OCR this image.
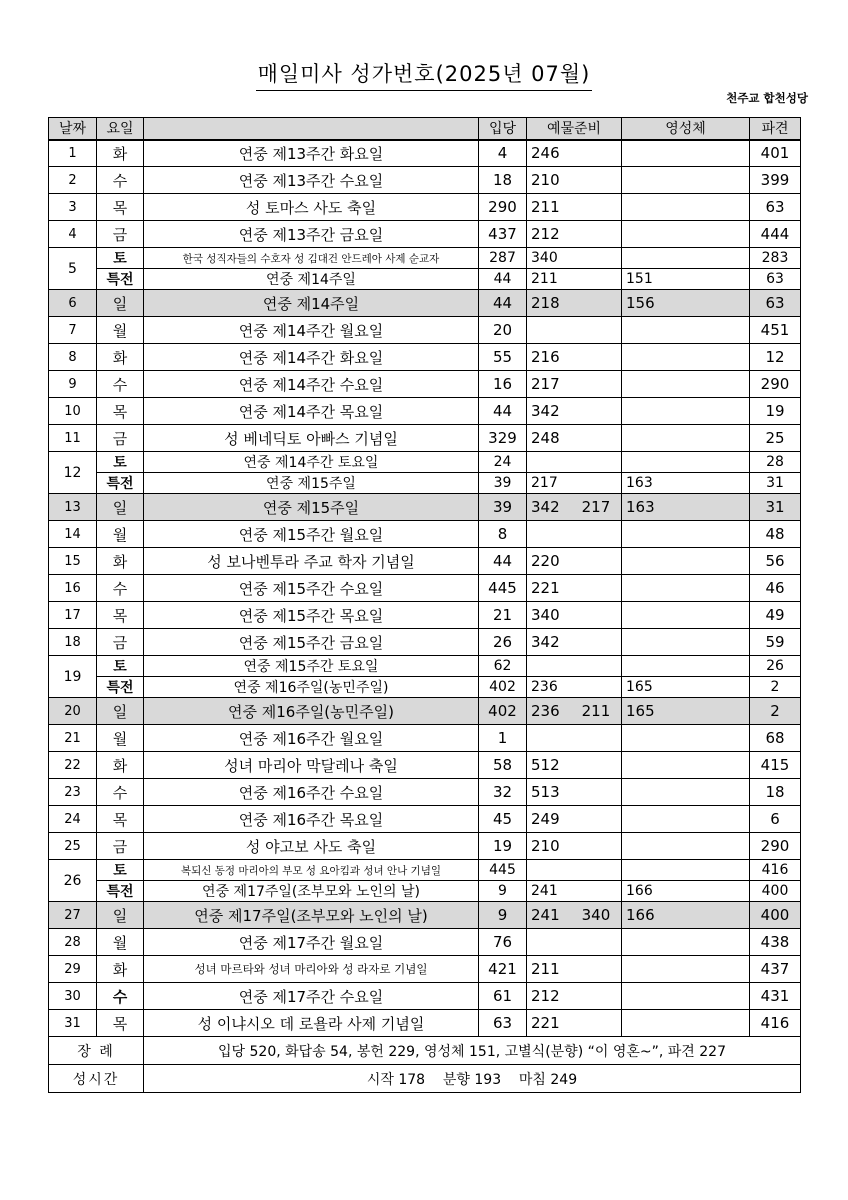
매일미사 성가번호(2025년 07월)
천주교 합천성당
날짜	요일		입당	예물준비	영성체	파견
1	화	연중 제13주간 화요일	4	246		401
2	수	연중 제13주간 수요일	18	210		399
3	목	성 토마스 사도 축일	290	211		63
4	금	연중 제13주간 금요일	437	212		444
5	토	한국 성직자들의 수호자 성 김대건 안드레아 사제 순교자	287	340		283
	특전	연중 제14주일	44	211	151	63
6	일	연중 제14주일	44	218	156	63
7	월	연중 제14주간 월요일	20			451
8	화	연중 제14주간 화요일	55	216		12
9	수	연중 제14주간 수요일	16	217		290
10	목	연중 제14주간 목요일	44	342		19
11	금	성 베네딕토 아빠스 기념일	329	248		25
12	토	연중 제14주간 토요일	24			28
	특전	연중 제15주일	39	217	163	31
13	일	연중 제15주일	39	342 217	163	31
14	월	연중 제15주간 월요일	8			48
15	화	성 보나벤투라 주교 학자 기념일	44	220		56
16	수	연중 제15주간 수요일	445	221		46
17	목	연중 제15주간 목요일	21	340		49
18	금	연중 제15주간 금요일	26	342		59
19	토	연중 제15주간 토요일	62			26
	특전	연중 제16주일(농민주일)	402	236	165	2
20	일	연중 제16주일(농민주일)	402	236 211	165	2
21	월	연중 제16주간 월요일	1			68
22	화	성녀 마리아 막달레나 축일	58	512		415
23	수	연중 제16주간 수요일	32	513		18
24	목	연중 제16주간 목요일	45	249		6
25	금	성 야고보 사도 축일	19	210		290
26	토	복되신 동정 마리아의 부모 성 요아킴과 성녀 안나 기념일	445			416
	특전	연중 제17주일(조부모와 노인의 날)	9	241	166	400
27	일	연중 제17주일(조부모와 노인의 날)	9	241 340	166	400
28	월	연중 제17주간 월요일	76			438
29	화	성녀 마르타와 성녀 마리아와 성 라자로 기념일	421	211		437
30	수	연중 제17주간 수요일	61	212		431
31	목	성 이냐시오 데 로욜라 사제 기념일	63	221		416
장 례		입당 520, 화답송 54, 봉헌 229, 영성체 151, 고별식(분향) “이 영혼~”, 파견 227				
성시간		시작 178    분향 193    마침 249				
